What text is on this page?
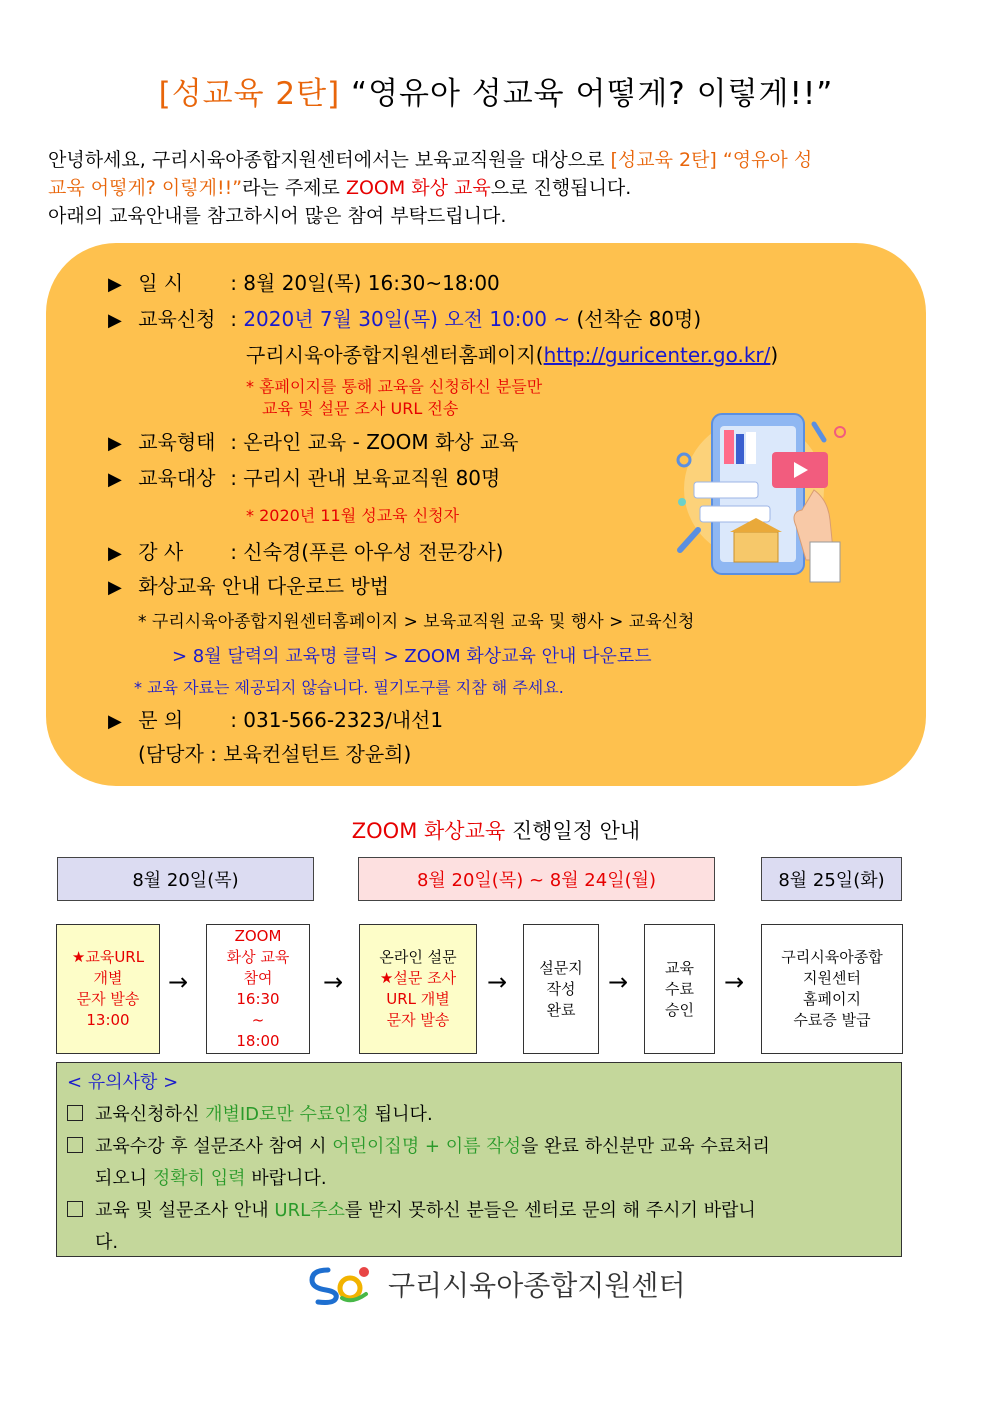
[성교육 2탄] “영유아 성교육 어떻게? 이렇게!!”
안녕하세요, 구리시육아종합지원센터에서는 보육교직원을 대상으로 [성교육 2탄] “영유아 성
교육 어떻게? 이렇게!!”라는 주제로 ZOOM 화상 교육으로 진행됩니다.
아래의 교육안내를 참고하시어 많은 참여 부탁드립니다.
▶ 일 시 : 8월 20일(목) 16:30~18:00
▶ 교육신청 : 2020년 7월 30일(목) 오전 10:00 ~ (선착순 80명)
구리시육아종합지원센터홈페이지(http://guricenter.go.kr/)
* 홈페이지를 통해 교육을 신청하신 분들만
교육 및 설문 조사 URL 전송
▶ 교육형태 : 온라인 교육 - ZOOM 화상 교육
▶ 교육대상 : 구리시 관내 보육교직원 80명
* 2020년 11월 성교육 신청자
▶ 강 사 : 신숙경(푸른 아우성 전문강사)
▶ 화상교육 안내 다운로드 방법
* 구리시육아종합지원센터홈페이지 > 보육교직원 교육 및 행사 > 교육신청
> 8월 달력의 교육명 클릭 > ZOOM 화상교육 안내 다운로드
* 교육 자료는 제공되지 않습니다. 필기도구를 지참 해 주세요.
▶ 문 의 : 031-566-2323/내선1
(담당자 : 보육컨설턴트 장윤희)
ZOOM 화상교육 진행일정 안내
8월 20일(목)	8월 20일(목) ~ 8월 24일(월)	8월 25일(화)
★교육URL
개별
문자 발송
13:00
→
ZOOM
화상 교육
참여
16:30
~
18:00
→
온라인 설문
★설문 조사
URL 개별
문자 발송
→
설문지
작성
완료
→
교육
수료
승인
→
구리시육아종합
지원센터
홈페이지
수료증 발급
< 유의사항 >
교육신청하신 개별ID로만 수료인정 됩니다.
교육수강 후 설문조사 참여 시 어린이집명 + 이름 작성을 완료 하신분만 교육 수료처리
되오니 정확히 입력 바랍니다.
교육 및 설문조사 안내 URL주소를 받지 못하신 분들은 센터로 문의 해 주시기 바랍니
다.
구리시육아종합지원센터
